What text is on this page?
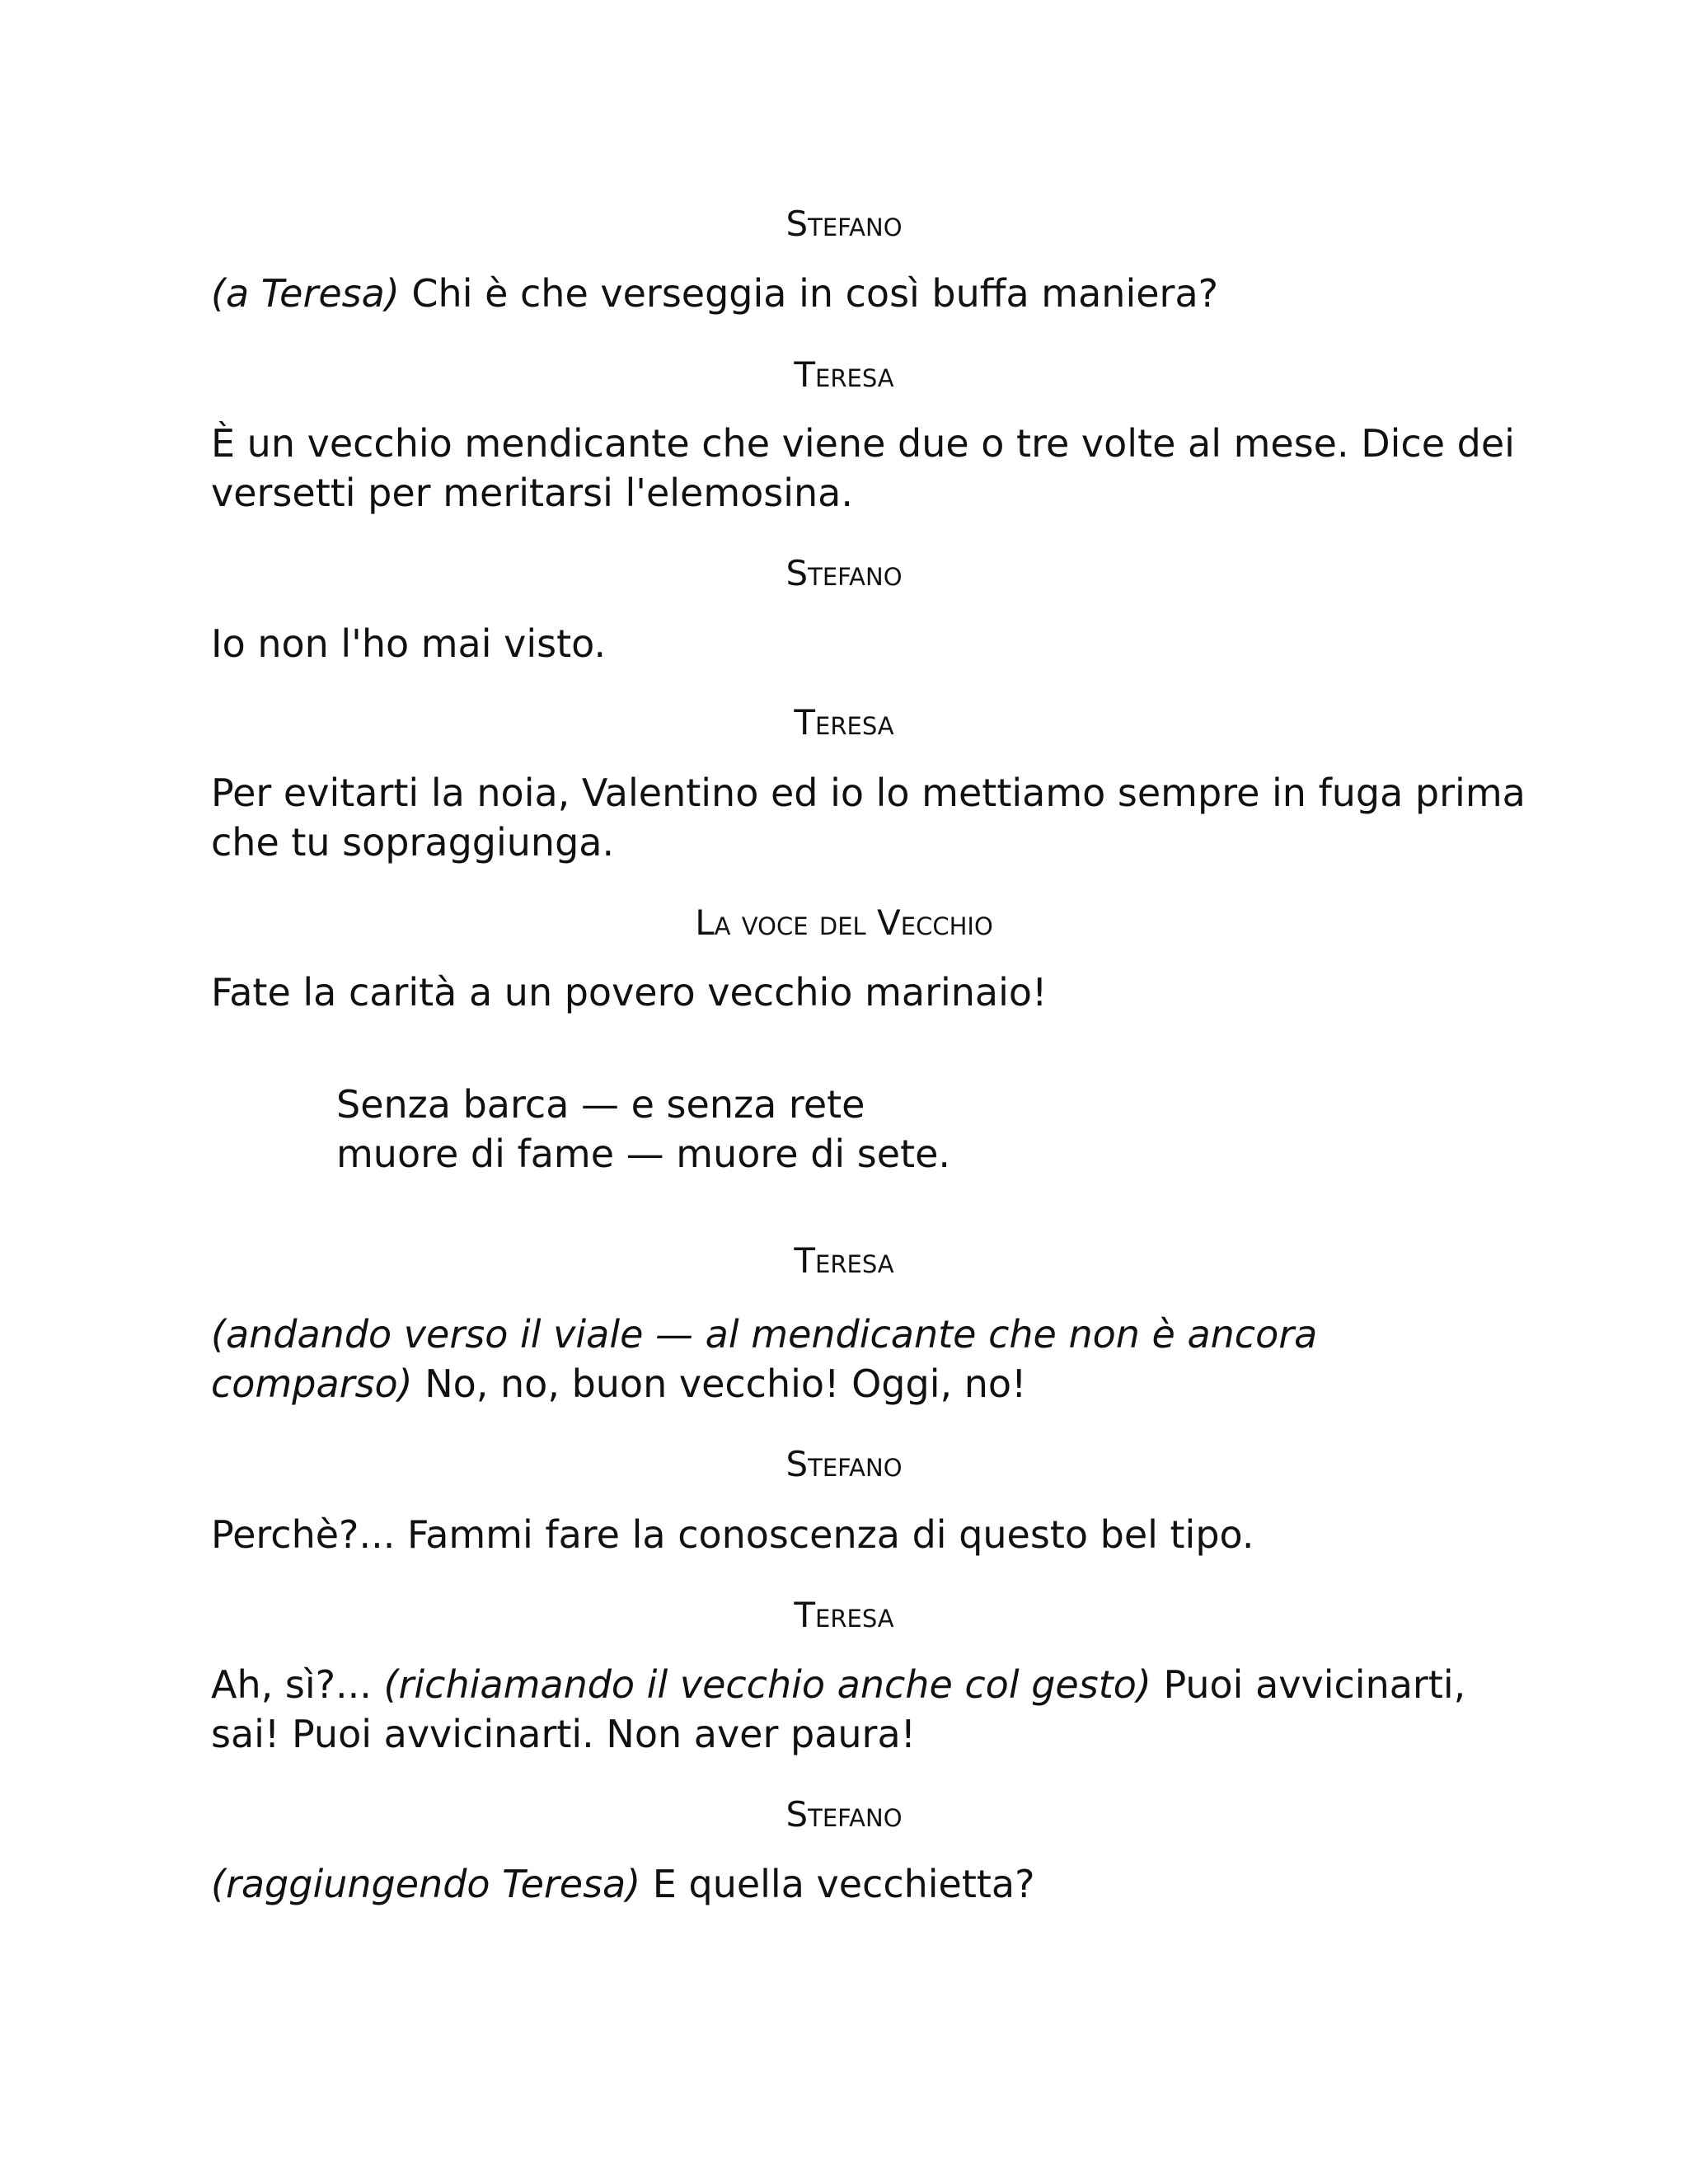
Stefano
(a Teresa) Chi è che verseggia in così buffa maniera?
Teresa
È un vecchio mendicante che viene due o tre volte al mese. Dice dei
versetti per meritarsi l'elemosina.
Stefano
Io non l'ho mai visto.
Teresa
Per evitarti la noia, Valentino ed io lo mettiamo sempre in fuga prima
che tu sopraggiunga.
La voce del Vecchio
Fate la carità a un povero vecchio marinaio!
Senza barca — e senza rete
muore di fame — muore di sete.
Teresa
(andando verso il viale — al mendicante che non è ancora
comparso) No, no, buon vecchio! Oggi, no!
Stefano
Perchè?... Fammi fare la conoscenza di questo bel tipo.
Teresa
Ah, sì?... (richiamando il vecchio anche col gesto) Puoi avvicinarti,
sai! Puoi avvicinarti. Non aver paura!
Stefano
(raggiungendo Teresa) E quella vecchietta?
